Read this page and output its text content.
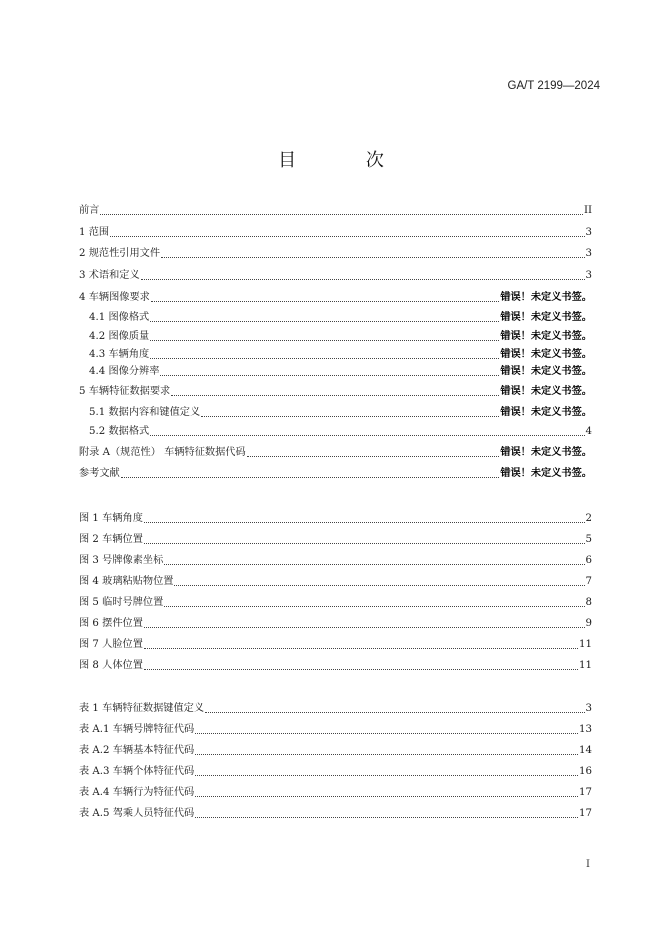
GA/T 2199—2024
目 次
前言	II
1 范围	3
2 规范性引用文件	3
3 术语和定义	3
4 车辆图像要求	错误！未定义书签。
4.1 图像格式	错误！未定义书签。
4.2 图像质量	错误！未定义书签。
4.3 车辆角度	错误！未定义书签。
4.4 图像分辨率	错误！未定义书签。
5 车辆特征数据要求	错误！未定义书签。
5.1 数据内容和键值定义	错误！未定义书签。
5.2 数据格式	4
附录 A（规范性） 车辆特征数据代码	错误！未定义书签。
参考文献	错误！未定义书签。
图 1 车辆角度	2
图 2 车辆位置	5
图 3 号牌像素坐标	6
图 4 玻璃粘贴物位置	7
图 5 临时号牌位置	8
图 6 摆件位置	9
图 7 人脸位置	11
图 8 人体位置	11
表 1 车辆特征数据键值定义	3
表 A.1 车辆号牌特征代码	13
表 A.2 车辆基本特征代码	14
表 A.3 车辆个体特征代码	16
表 A.4 车辆行为特征代码	17
表 A.5 驾乘人员特征代码	17
I
